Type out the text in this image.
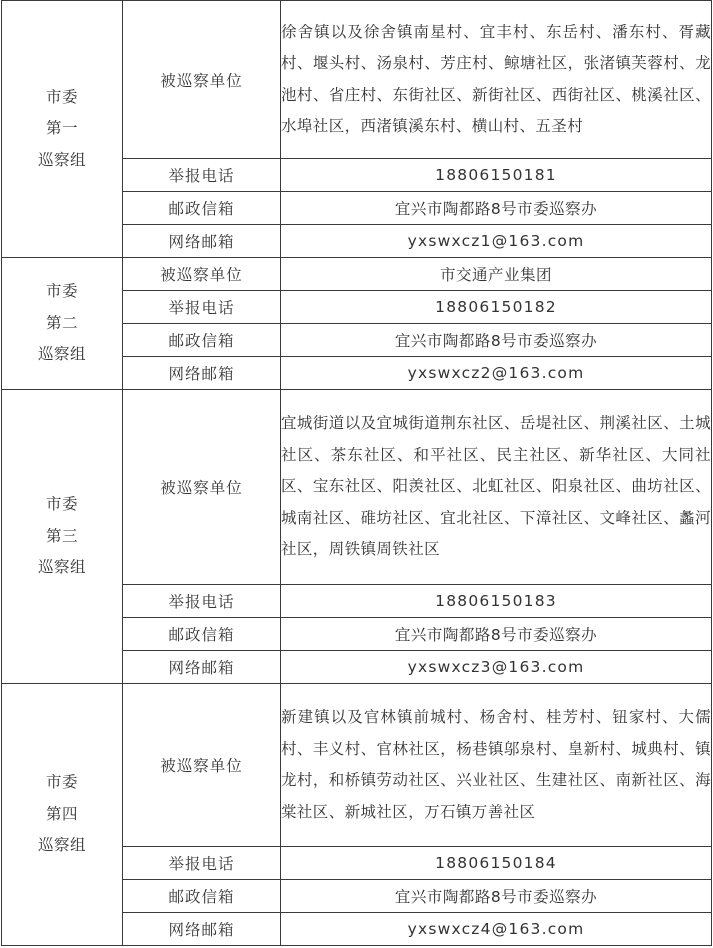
市委
第一
巡察组	被巡察单位	徐舍镇以及徐舍镇南星村、宜丰村、东岳村、潘东村、胥藏村、堰头村、汤泉村、芳庄村、鲸塘社区，张渚镇芙蓉村、龙池村、省庄村、东街社区、新街社区、西街社区、桃溪社区、水埠社区，西渚镇溪东村、横山村、五圣村
	举报电话	18806150181
	邮政信箱	宜兴市陶都路8号市委巡察办
	网络邮箱	yxswxcz1@163.com

市委
第二
巡察组	被巡察单位	市交通产业集团
	举报电话	18806150182
	邮政信箱	宜兴市陶都路8号市委巡察办
	网络邮箱	yxswxcz2@163.com

市委
第三
巡察组	被巡察单位	宜城街道以及宜城街道荆东社区、岳堤社区、荆溪社区、土城社区、茶东社区、和平社区、民主社区、新华社区、大同社区、宝东社区、阳羡社区、北虹社区、阳泉社区、曲坊社区、城南社区、碓坊社区、宜北社区、下漳社区、文峰社区、蠡河社区，周铁镇周铁社区
	举报电话	18806150183
	邮政信箱	宜兴市陶都路8号市委巡察办
	网络邮箱	yxswxcz3@163.com

市委
第四
巡察组	被巡察单位	新建镇以及官林镇前城村、杨舍村、桂芳村、钮家村、大儒村、丰义村、官林社区，杨巷镇邬泉村、皇新村、城典村、镇龙村，和桥镇劳动社区、兴业社区、生建社区、南新社区、海棠社区、新城社区，万石镇万善社区
	举报电话	18806150184
	邮政信箱	宜兴市陶都路8号市委巡察办
	网络邮箱	yxswxcz4@163.com
